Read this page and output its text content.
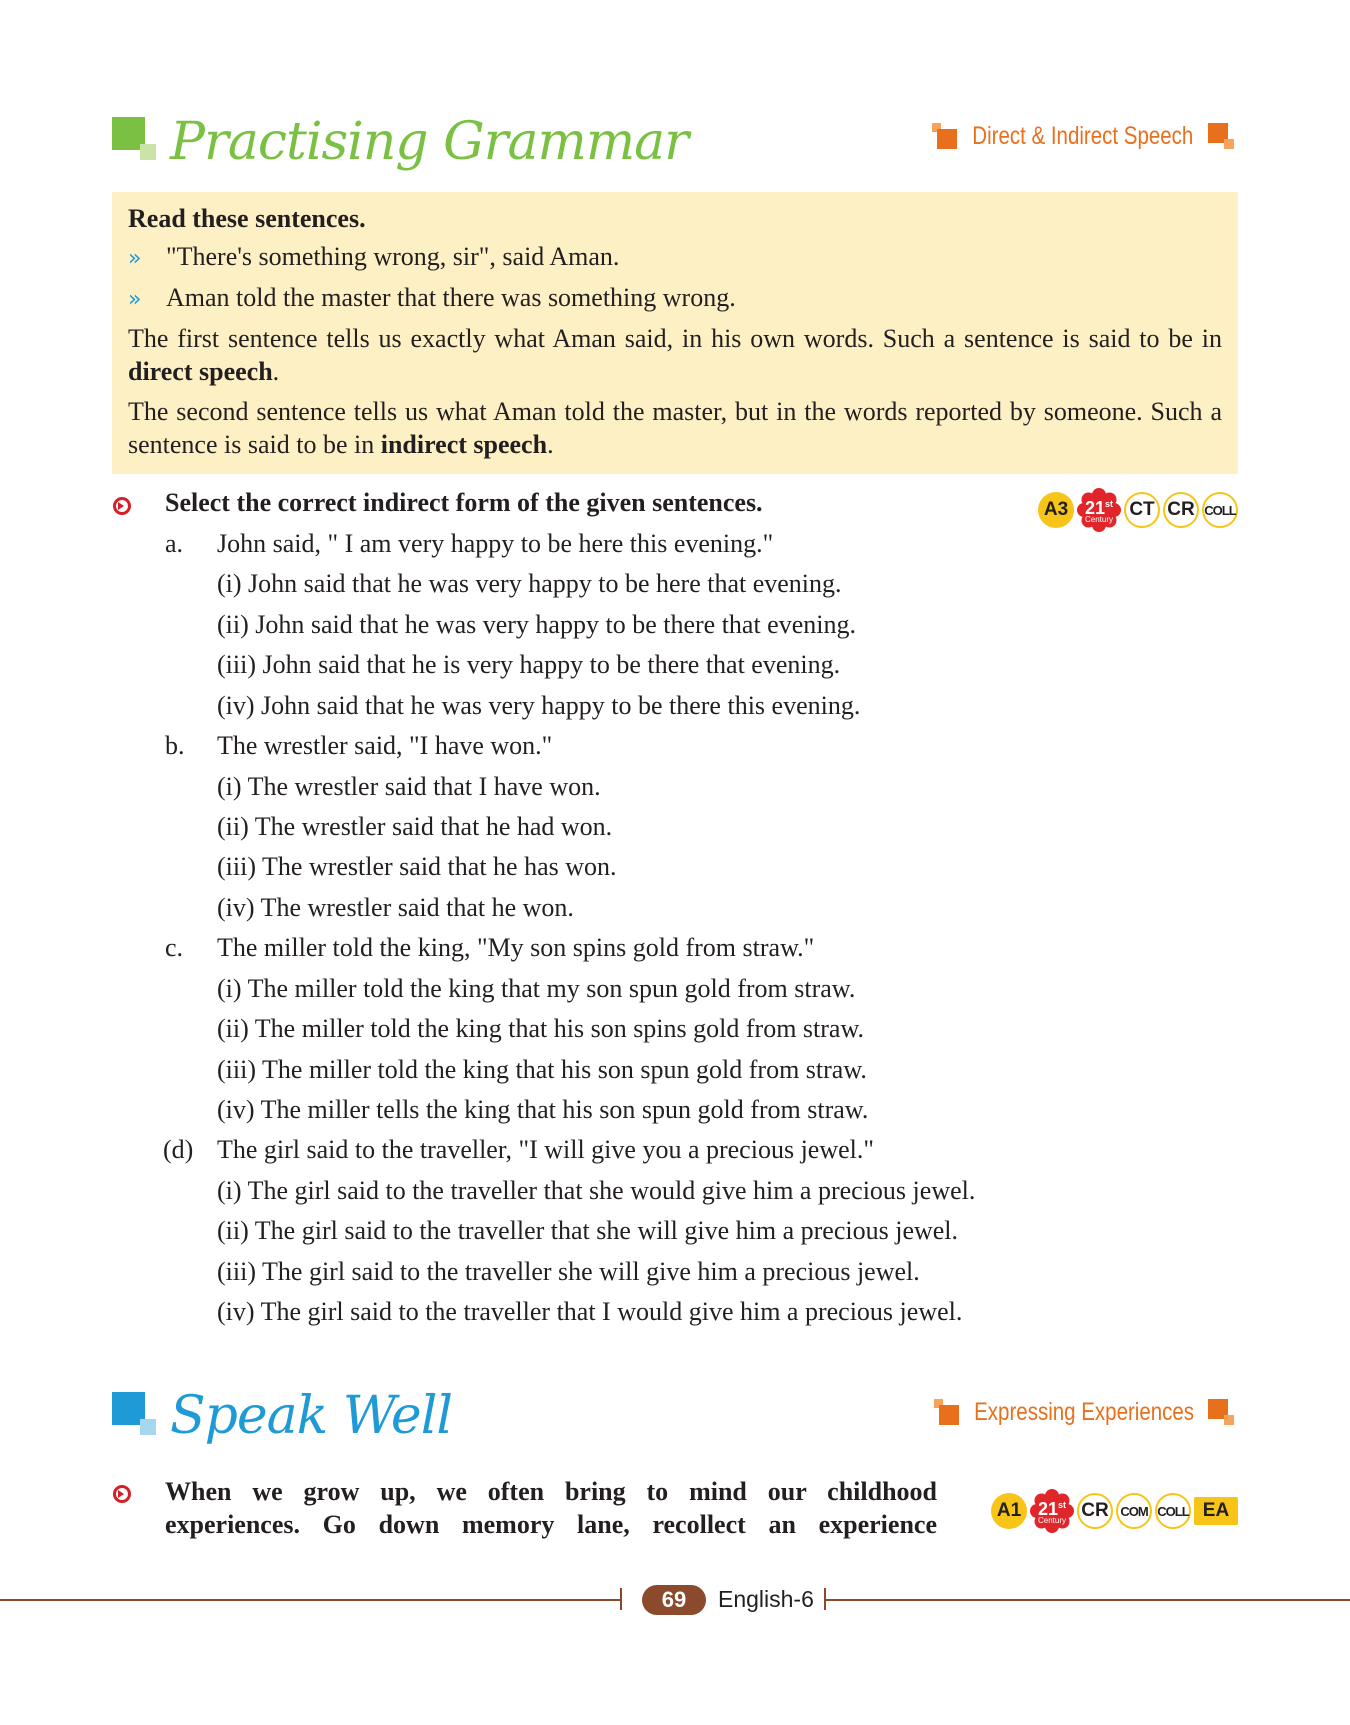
Practising Grammar	Direct & Indirect Speech

Read these sentences.

» "There's something wrong, sir", said Aman.
» Aman told the master that there was something wrong.

The first sentence tells us exactly what Aman said, in his own words. Such a sentence is said to be in direct speech.

The second sentence tells us what Aman told the master, but in the words reported by someone. Such a sentence is said to be in indirect speech.

Select the correct indirect form of the given sentences.	A3 21st
Century CT CR COLL
a. John said, " I am very happy to be here this evening."
(i) John said that he was very happy to be here that evening.
(ii) John said that he was very happy to be there that evening.
(iii) John said that he is very happy to be there that evening.
(iv) John said that he was very happy to be there this evening.
b. The wrestler said, "I have won."
(i) The wrestler said that I have won.
(ii) The wrestler said that he had won.
(iii) The wrestler said that he has won.
(iv) The wrestler said that he won.
c. The miller told the king, "My son spins gold from straw."
(i) The miller told the king that my son spun gold from straw.
(ii) The miller told the king that his son spins gold from straw.
(iii) The miller told the king that his son spun gold from straw.
(iv) The miller tells the king that his son spun gold from straw.
(d) The girl said to the traveller, "I will give you a precious jewel."
(i) The girl said to the traveller that she would give him a precious jewel.
(ii) The girl said to the traveller that she will give him a precious jewel.
(iii) The girl said to the traveller she will give him a precious jewel.
(iv) The girl said to the traveller that I would give him a precious jewel.
Speak Well	Expressing Experiences
When we grow up, we often bring to mind our childhood
experiences. Go down memory lane, recollect an experience	A1 21st
Century CR COM COLL EA
69	English-6
